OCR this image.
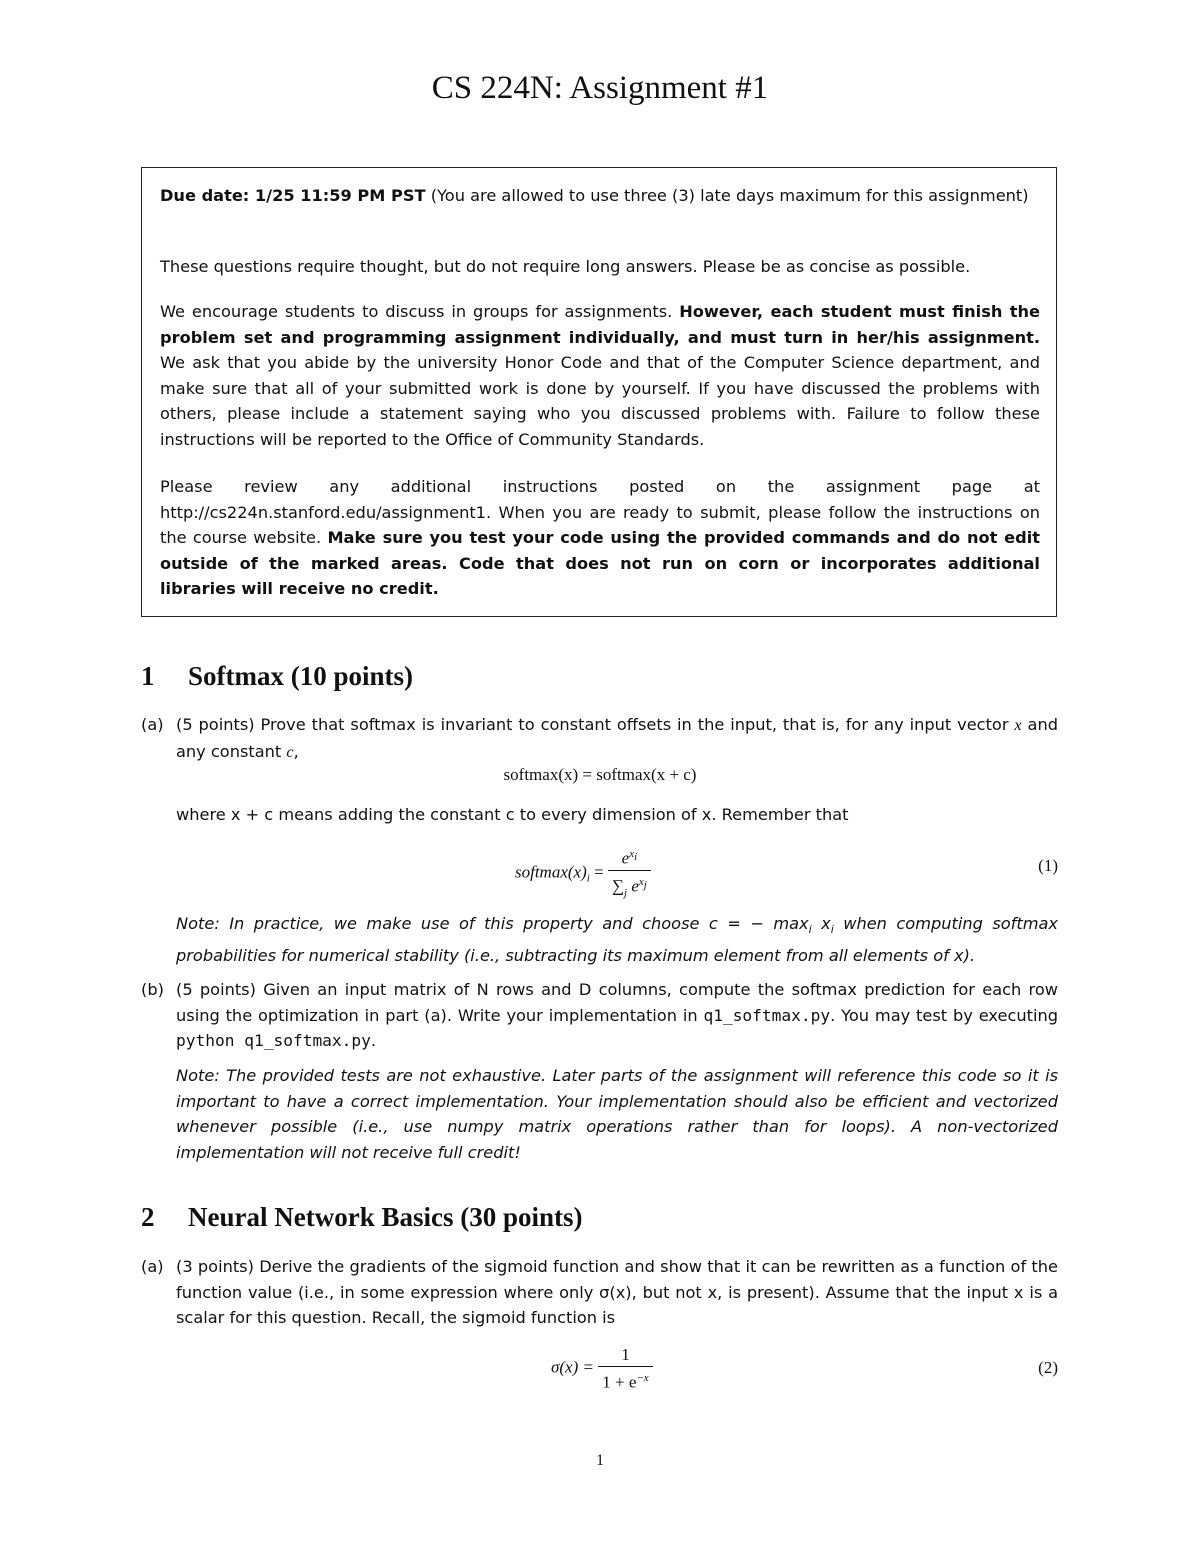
CS 224N: Assignment #1

Due date: 1/25 11:59 PM PST (You are allowed to use three (3) late days maximum for this assignment)

These questions require thought, but do not require long answers. Please be as concise as possible.

We encourage students to discuss in groups for assignments. However, each student must finish the problem set and programming assignment individually, and must turn in her/his assignment. We ask that you abide by the university Honor Code and that of the Computer Science department, and make sure that all of your submitted work is done by yourself. If you have discussed the problems with others, please include a statement saying who you discussed problems with. Failure to follow these instructions will be reported to the Office of Community Standards.

Please review any additional instructions posted on the assignment page at http://cs224n.stanford.edu/assignment1. When you are ready to submit, please follow the instructions on the course website. Make sure you test your code using the provided commands and do not edit outside of the marked areas. Code that does not run on corn or incorporates additional libraries will receive no credit.

1 Softmax (10 points)
(a) (5 points) Prove that softmax is invariant to constant offsets in the input, that is, for any input vector x and any constant c,

softmax(x) = softmax(x + c)

where x + c means adding the constant c to every dimension of x. Remember that

$softmax(x)_i = \frac{e^{x_i}}{\sum_j e^{x_j}}$	(1)

Note: In practice, we make use of this property and choose c = − $\max_i x_i$ when computing softmax probabilities for numerical stability (i.e., subtracting its maximum element from all elements of x).

(b) (5 points) Given an input matrix of N rows and D columns, compute the softmax prediction for each row using the optimization in part (a). Write your implementation in q1_softmax.py. You may test by executing python q1_softmax.py.

Note: The provided tests are not exhaustive. Later parts of the assignment will reference this code so it is important to have a correct implementation. Your implementation should also be efficient and vectorized whenever possible (i.e., use numpy matrix operations rather than for loops). A non-vectorized implementation will not receive full credit!

2 Neural Network Basics (30 points)
(a) (3 points) Derive the gradients of the sigmoid function and show that it can be rewritten as a function of the function value (i.e., in some expression where only σ(x), but not x, is present). Assume that the input x is a scalar for this question. Recall, the sigmoid function is

$\sigma(x) = \frac{1}{1 + e^{-x}}$	(2)
1
